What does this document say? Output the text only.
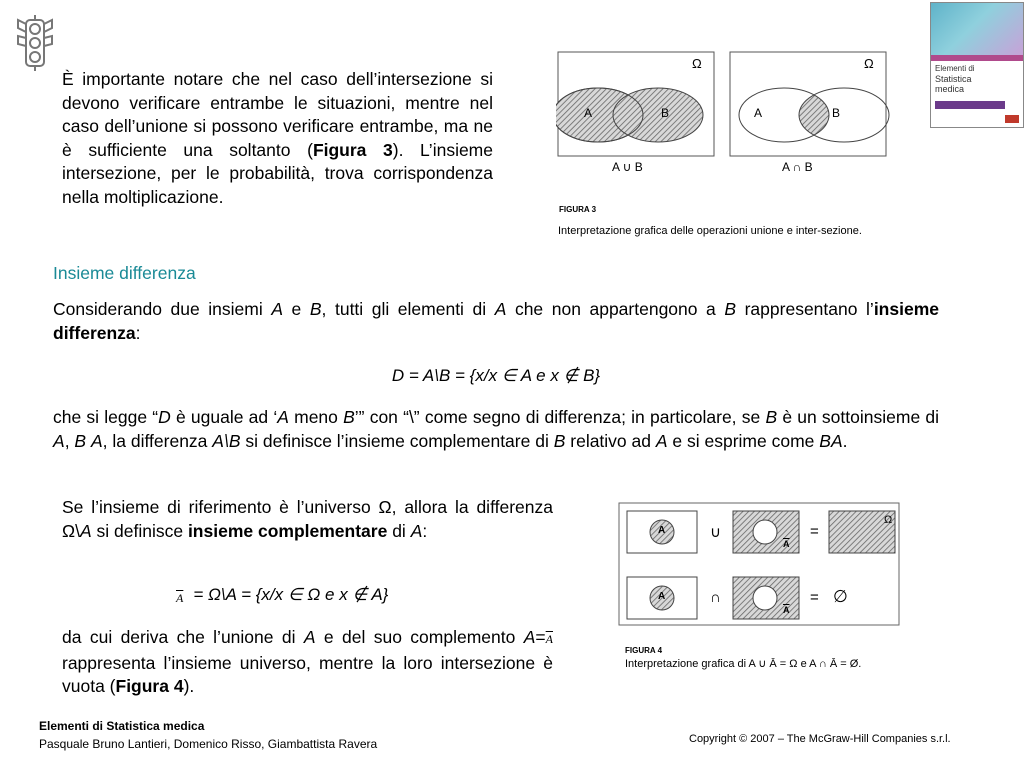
È importante notare che nel caso dell’intersezione si devono verificare entrambe le situazioni, mentre nel caso dell’unione si possono verificare entrambe, ma ne è sufficiente una soltanto (Figura 3). L’insieme intersezione, per le probabilità, trova corrispondenza nella moltiplicazione.
Ω	Ω
A	B	A	B
A ∪ B	A ∩ B
FIGURA 3
Interpretazione grafica delle operazioni unione e inter-sezione.
Elementi di
Statistica
medica
Insieme differenza
Considerando due insiemi A e B, tutti gli elementi di A che non appartengono a B rappresentano l’insieme differenza:
D = A\B = {x/x ∈ A e x ∉ B}
che si legge “D è uguale ad ‘A meno B’” con “\” come segno di differenza; in particolare, se B è un sottoinsieme di A, B A, la differenza A\B si definisce l’insieme complementare di B relativo ad A e si esprime come BA.
Se l’insieme di riferimento è l’universo Ω, allora la differenza Ω\A si definisce insieme complementare di A:
$\overline{A}$ = Ω\A = {x/x ∈ Ω e x ∉ A}
da cui deriva che l’unione di A e del suo complemento $A=\overline{A}$ rappresenta l’insieme universo, mentre la loro intersezione è vuota (Figura 4).
A	∪
$\overline{A}$
=
Ω
A	∩
$\overline{A}$
= ∅
FIGURA 4
Interpretazione grafica di A ∪ Ā = Ω e A ∩ Ā = Ø.
Elementi di Statistica medica
Pasquale Bruno Lantieri, Domenico Risso, Giambattista Ravera	Copyright © 2007 – The McGraw-Hill Companies s.r.l.
